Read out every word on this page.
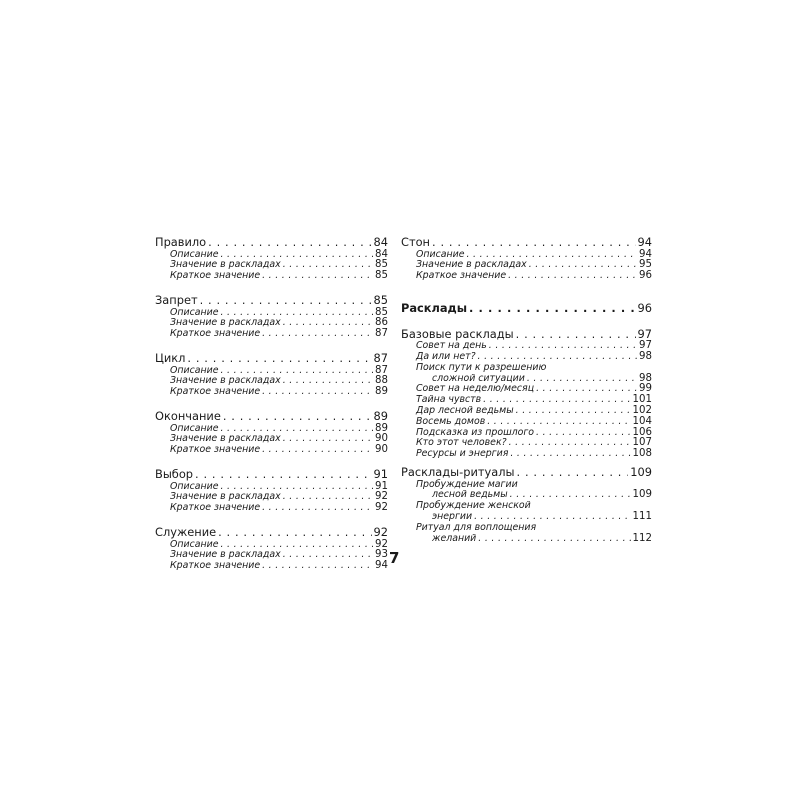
Правило . . .	84
Описание . . .	84
Значение в раскладах . . .	85
Краткое значение . . .	85
Запрет . . .	85
Описание . . .	85
Значение в раскладах . . .	86
Краткое значение . . .	87
Цикл . . .	87
Описание . . .	87
Значение в раскладах . . .	88
Краткое значение . . .	89
Окончание . . .	89
Описание . . .	89
Значение в раскладах . . .	90
Краткое значение . . .	90
Выбор . . .	91
Описание . . .	91
Значение в раскладах . . .	92
Краткое значение . . .	92
Служение . . .	92
Описание . . .	92
Значение в раскладах . . .	93
Краткое значение . . .	94
Стон . . .	94
Описание . . .	94
Значение в раскладах . . .	95
Краткое значение . . .	96
Расклады . . .	96
Базовые расклады . . .	97
Совет на день . . .	97
Да или нет? . . .	98
Поиск пути к разрешению
сложной ситуации . . .	98
Совет на неделю/месяц . . .	99
Тайна чувств . . .	101
Дар лесной ведьмы . . .	102
Восемь домов . . .	104
Подсказка из прошлого . . .	106
Кто этот человек? . . .	107
Ресурсы и энергия . . .	108
Расклады-ритуалы . . .	109
Пробуждение магии
лесной ведьмы . . .	109
Пробуждение женской
энергии . . .	111
Ритуал для воплощения
желаний . . .	112
7
